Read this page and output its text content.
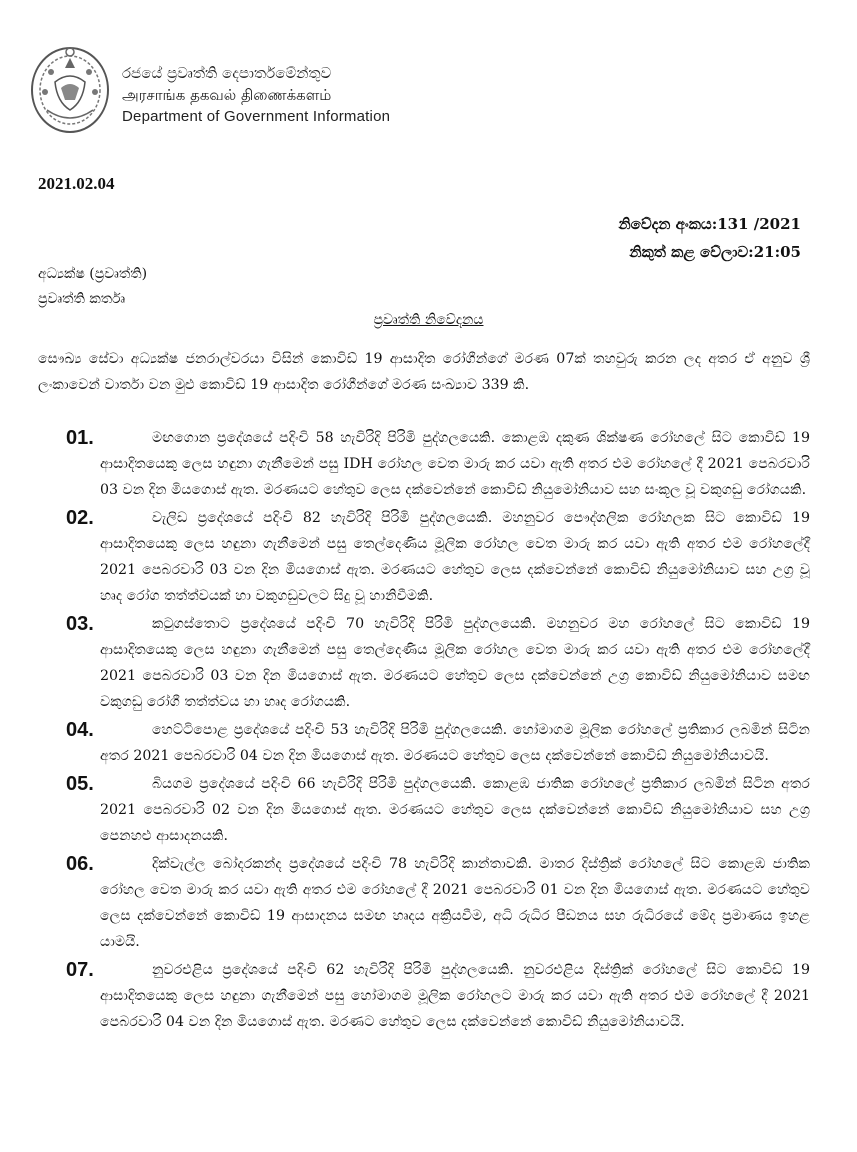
රජයේ ප්‍රවෘත්ති දෙපාර්තමේන්තුව
அரசாங்க தகவல் திணைக்களம்
Department of Government Information
2021.02.04
නිවේදන අංකය:131 /2021
නිකුත් කළ වේලාව:21:05
අධ්‍යක්ෂ (ප්‍රවෘත්ති)
ප්‍රවෘත්ති කර්තෘ
ප්‍රවෘත්ති නිවේදනය
සෞඛ්‍ය සේවා අධ්‍යක්ෂ ජනරාල්වරයා විසින් කොවිඩ් 19 ආසාදිත රෝගීන්ගේ මරණ 07ක් තහවුරු කරන ලද අතර ඒ අනුව ශ්‍රී ලංකාවෙන් වාර්තා වන මුළු කොවිඩ් 19 ආසාදිත රෝගීන්ගේ මරණ සංඛ්‍යාව 339 කි.
01.	මඟගොන ප්‍රදේශයේ පදිංචි 58 හැවිරිදි පිරිමි පුද්ගලයෙකි. කොළඹ දකුණ ශික්ෂණ රෝහලේ සිට කොවිඩ් 19 ආසාදිතයෙකු ලෙස හඳුනා ගැනීමෙන් පසු IDH රෝහල වෙත මාරු කර යවා ඇති අතර එම රෝහලේ දී 2021 පෙබරවාරි 03 වන දින මියගොස් ඇත. මරණයට හේතුව ලෙස දක්වෙන්නේ කොවිඩ් නියුමෝනියාව සහ සංකූල වූ වකුගඩු රෝගයකි.
02.	වැලිඩ ප්‍රදේශයේ පදිංචි 82 හැවිරිදි පිරිමි පුද්ගලයෙකි. මහනුවර පෞද්ගලික රෝහලක සිට කොවිඩ් 19 ආසාදිතයෙකු ලෙස හඳුනා ගැනීමෙන් පසු තෙල්දෙණිය මූලික රෝහල වෙත මාරු කර යවා ඇති අතර එම රෝහලේදී 2021 පෙබරවාරි 03 වන දින මියගොස් ඇත. මරණයට හේතුව ලෙස දක්වෙන්නේ කොවිඩ් නියුමෝනියාව සහ උග්‍ර වූ හෘද රෝග තත්ත්වයක් හා වකුගඩුවලට සිදු වූ හානිවීමකි.
03.	කටුගස්තොට ප්‍රදේශයේ පදිංචි 70 හැවිරිදි පිරිමි පුද්ගලයෙකි. මහනුවර මහ රෝහලේ සිට කොවිඩ් 19 ආසාදිතයෙකු ලෙස හඳුනා ගැනීමෙන් පසු තෙල්දෙණිය මූලික රෝහල වෙත මාරු කර යවා ඇති අතර එම රෝහලේදී 2021 පෙබරවාරි 03 වන දින මියගොස් ඇත. මරණයට හේතුව ලෙස දක්වෙන්නේ උග්‍ර කොවිඩ් නියුමෝනියාව සමඟ වකුගඩු රෝගී තත්ත්වය හා හෘද රෝගයකි.
04.	හෙට්ටිපොළ ප්‍රදේශයේ පදිංචි 53 හැවිරිදි පිරිමි පුද්ගලයෙකි. හෝමාගම මූලික රෝහලේ ප්‍රතිකාර ලබමින් සිටින අතර 2021 පෙබරවාරි 04 වන දින මියගොස් ඇත. මරණයට හේතුව ලෙස දක්වෙන්නේ කොවිඩ් නියුමෝනියාවයි.
05.	බියගම ප්‍රදේශයේ පදිංචි 66 හැවිරිදි පිරිමි පුද්ගලයෙකි. කොළඹ ජාතික රෝහලේ ප්‍රතිකාර ලබමින් සිටින අතර 2021 පෙබරවාරි 02 වන දින මියගොස් ඇත. මරණයට හේතුව ලෙස දක්වෙන්නේ කොවිඩ් නියුමෝනියාව සහ උග්‍ර පෙනහළු ආසාදනයකි.
06.	දික්වැල්ල බෝදරකන්ද ප්‍රදේශයේ පදිංචි 78 හැවිරිදි කාන්තාවකි. මාතර දිස්ත්‍රික් රෝහලේ සිට කොළඹ ජාතික රෝහල වෙත මාරු කර යවා ඇති අතර එම රෝහලේ දී 2021 පෙබරවාරි 01 වන දින මියගොස් ඇත. මරණයට හේතුව ලෙස දක්වෙන්නේ කොවිඩ් 19 ආසාදනය සමඟ හෘදය අක්‍රියවීම, අධි රුධිර පීඩනය සහ රුධිරයේ මේද ප්‍රමාණය ඉහළ යාමයි.
07.	නුවරඑළිය ප්‍රදේශයේ පදිංචි 62 හැවිරිදි පිරිමි පුද්ගලයෙකි. නුවරඑළිය දිස්ත්‍රික් රෝහලේ සිට කොවිඩ් 19 ආසාදිතයෙකු ලෙස හඳුනා ගැනීමෙන් පසු හෝමාගම මූලික රෝහලට මාරු කර යවා ඇති අතර එම රෝහලේ දී 2021 පෙබරවාරි 04 වන දින මියගොස් ඇත. මරණට හේතුව ලෙස දක්වෙන්නේ කොවිඩ් නියුමෝනියාවයි.
